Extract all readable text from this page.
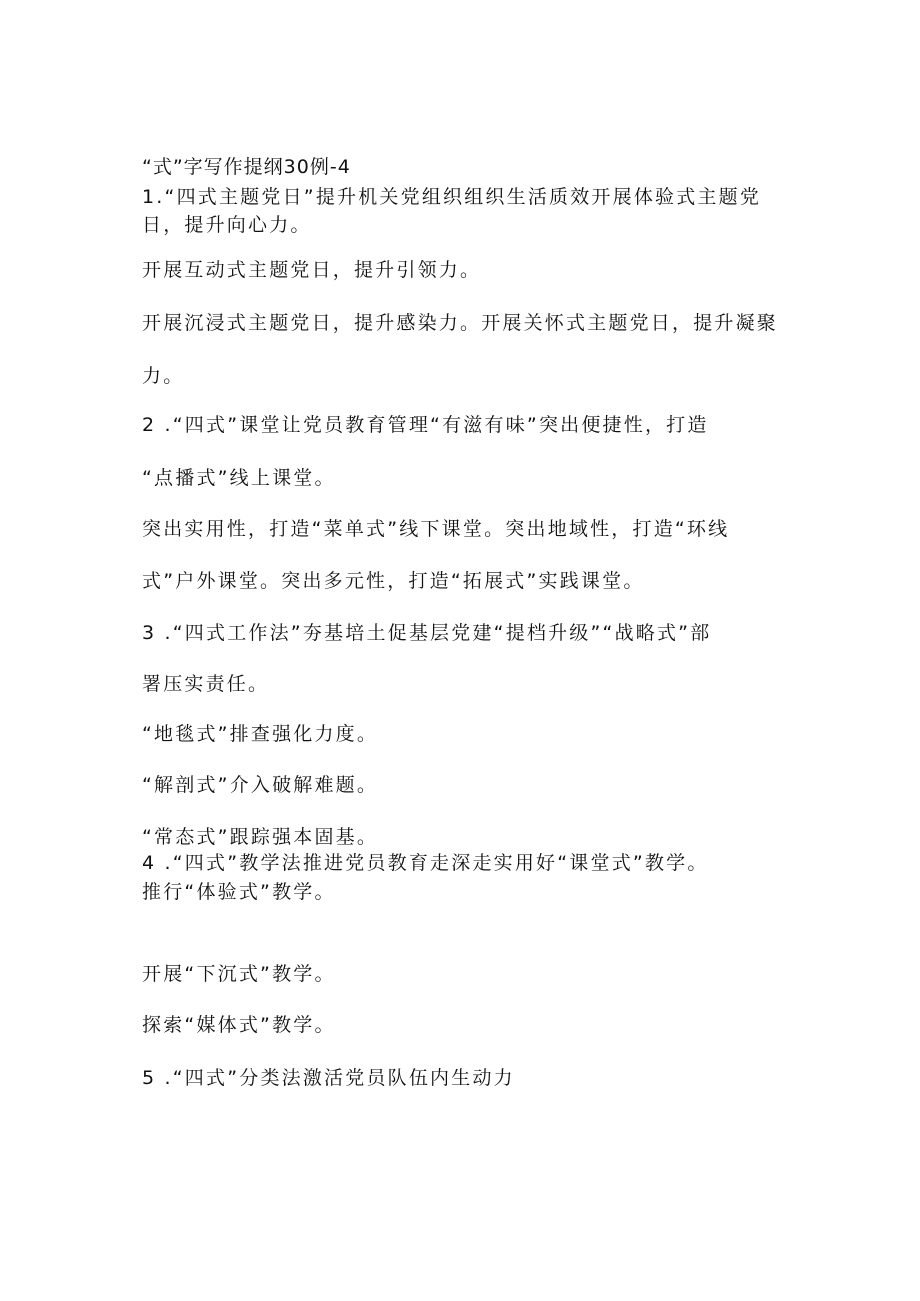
“式”字写作提纲30例-4
1.“四式主题党日”提升机关党组织组织生活质效开展体验式主题党
日，提升向心力。
开展互动式主题党日，提升引领力。
开展沉浸式主题党日，提升感染力。开展关怀式主题党日，提升凝聚
力。
2 .“四式”课堂让党员教育管理“有滋有味”突出便捷性，打造
“点播式”线上课堂。
突出实用性，打造“菜单式”线下课堂。突出地域性，打造“环线
式”户外课堂。突出多元性，打造“拓展式”实践课堂。
3 .“四式工作法”夯基培土促基层党建“提档升级”“战略式”部
署压实责任。
“地毯式”排查强化力度。
“解剖式”介入破解难题。
“常态式”跟踪强本固基。
4 .“四式”教学法推进党员教育走深走实用好“课堂式”教学。
推行“体验式”教学。
开展“下沉式”教学。
探索“媒体式”教学。
5 .“四式”分类法激活党员队伍内生动力
